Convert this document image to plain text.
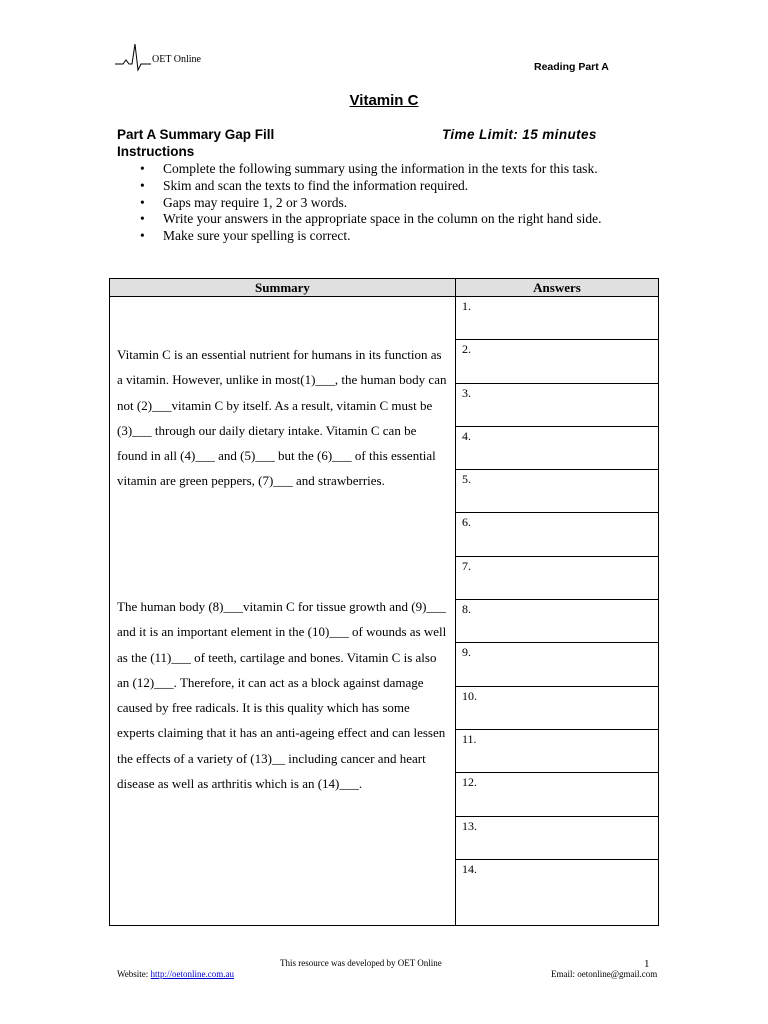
OET Online
Reading Part A
Vitamin C
Part A Summary Gap Fill	Time Limit: 15 minutes
Instructions
• Complete the following summary using the information in the texts for this task.
• Skim and scan the texts to find the information required.
• Gaps may require 1, 2 or 3 words.
• Write your answers in the appropriate space in the column on the right hand side.
• Make sure your spelling is correct.
Summary	Answers

Vitamin C is an essential nutrient for humans in its function as a vitamin. However, unlike in most(1)___, the human body can not (2)___vitamin C by itself. As a result, vitamin C must be (3)___ through our daily dietary intake. Vitamin C can be found in all (4)___ and (5)___ but the (6)___ of this essential vitamin are green peppers, (7)___ and strawberries.

The human body (8)___vitamin C for tissue growth and (9)___ and it is an important element in the (10)___ of wounds as well as the (11)___ of teeth, cartilage and bones. Vitamin C is also an (12)___. Therefore, it can act as a block against damage caused by free radicals. It is this quality which has some experts claiming that it has an anti-ageing effect and can lessen the effects of a variety of (13)__ including cancer and heart disease as well as arthritis which is an (14)___.

1.
2.
3.
4.
5.
6.
7.
8.
9.
10.
11.
12.
13.
14.
This resource was developed by OET Online	1
Website: http://oetonline.com.au	Email: oetonline@gmail.com
